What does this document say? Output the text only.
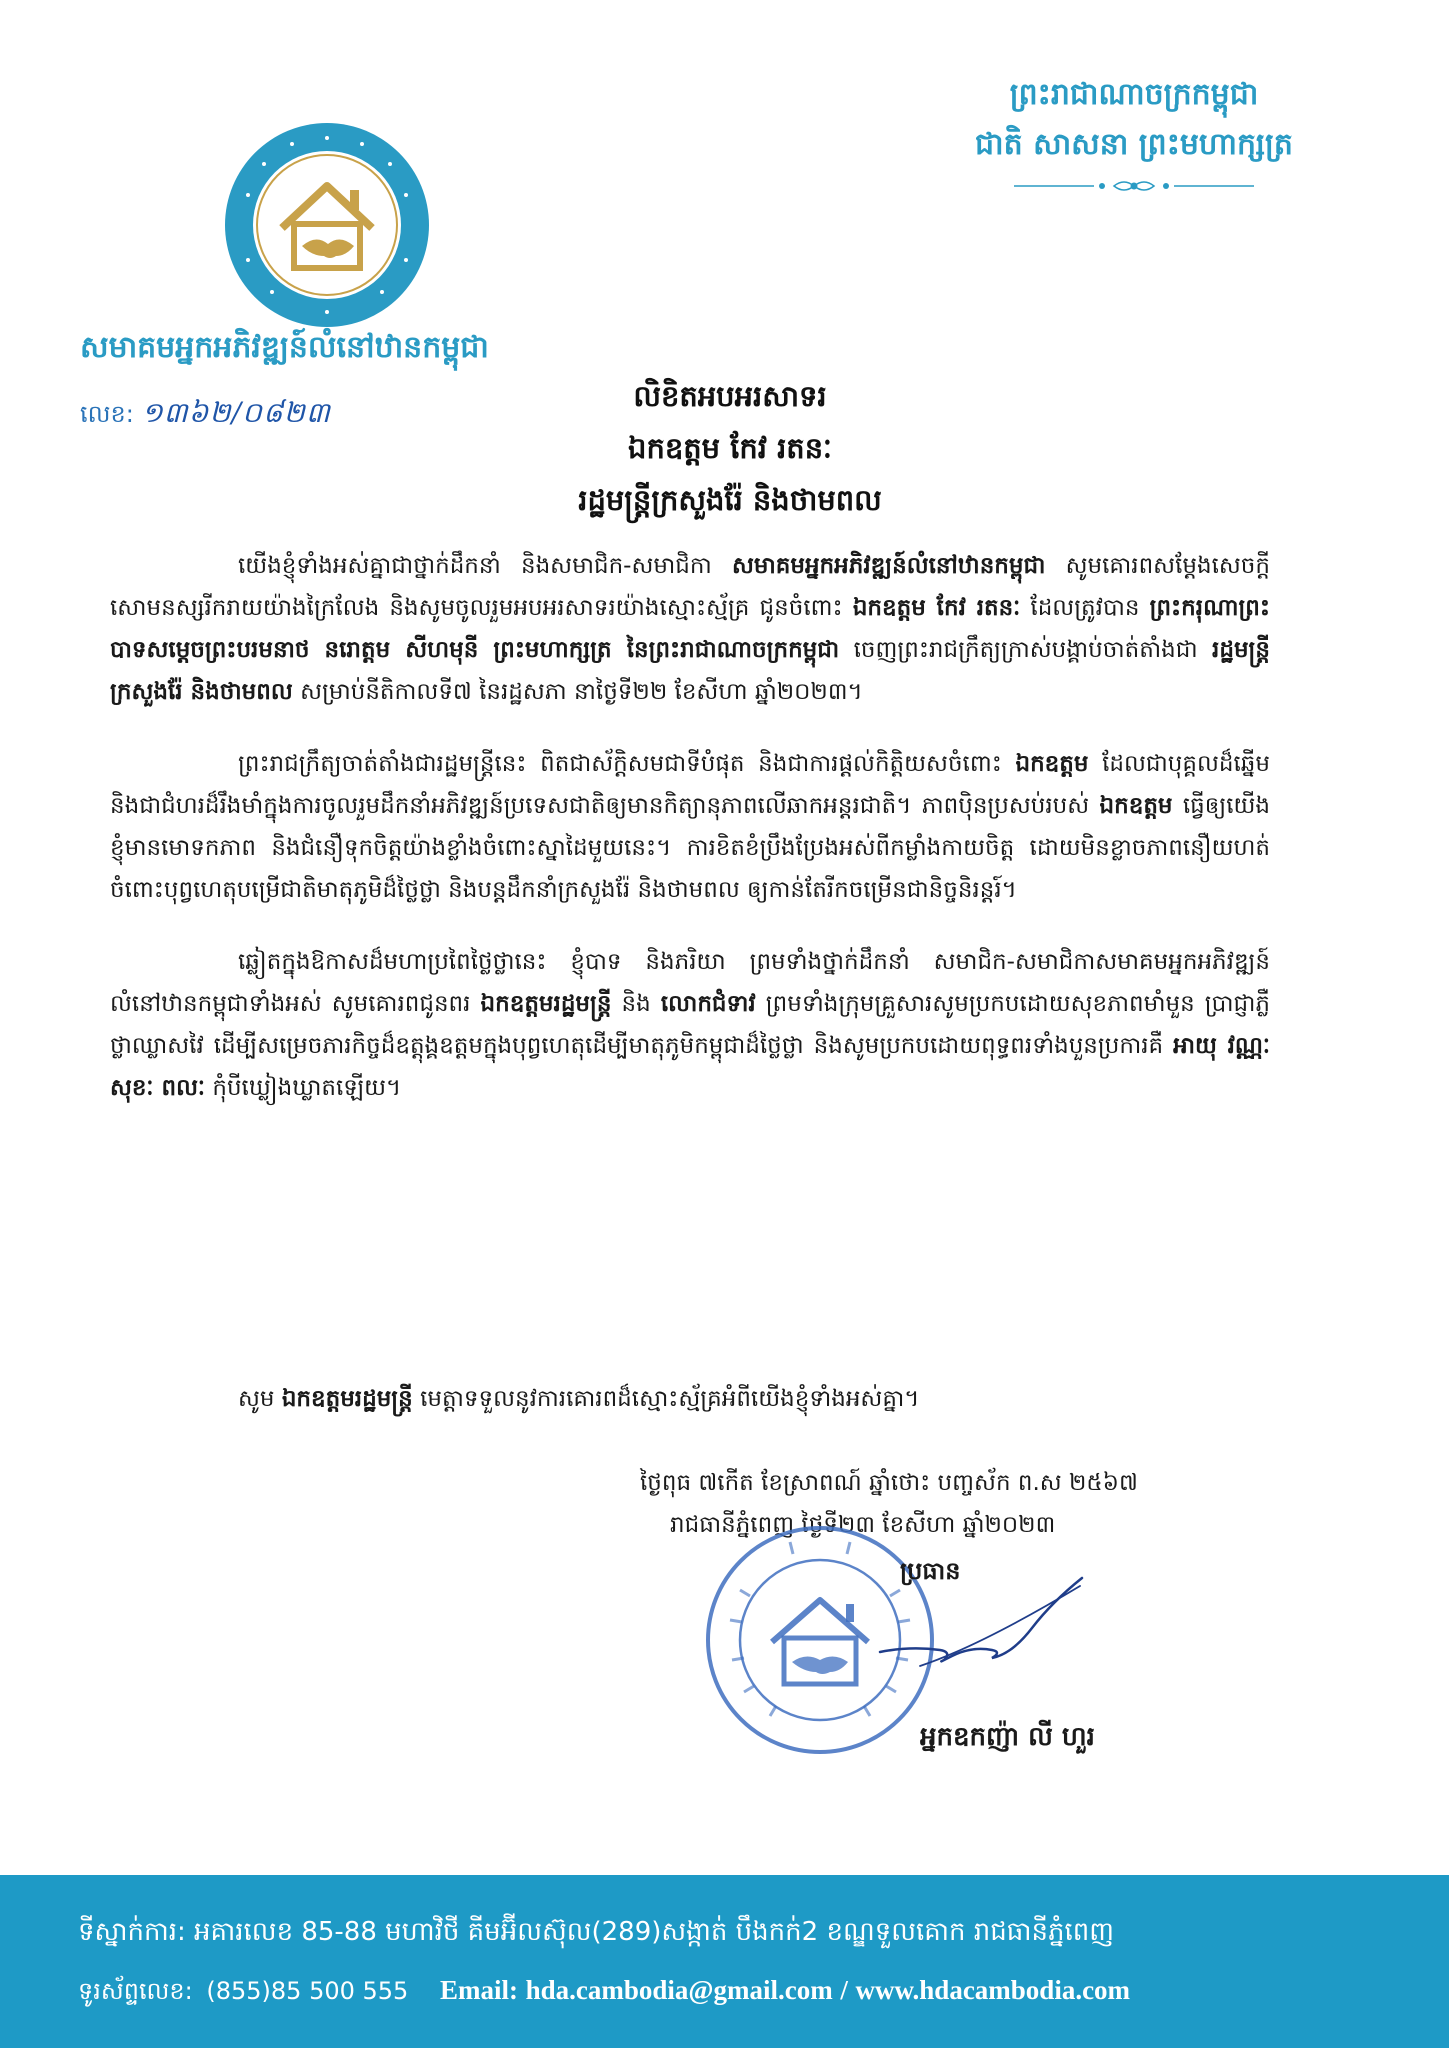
ព្រះរាជាណាចក្រកម្ពុជា
ជាតិ សាសនា ព្រះមហាក្សត្រ
សមាគមអ្នកអភិវឌ្ឍន៍លំនៅឋានកម្ពុជា
លេខ: ១៣៦២/០៨២៣	លិខិតអបអរសាទរ
ឯកឧត្តម កែវ រតនៈ
រដ្ឋមន្ត្រីក្រសួងរ៉ែ និងថាមពល

យើងខ្ញុំទាំងអស់គ្នាជាថ្នាក់ដឹកនាំ និងសមាជិក-សមាជិកា សមាគមអ្នកអភិវឌ្ឍន៍លំនៅឋានកម្ពុជា សូមគោរពសម្តែងសេចក្តីសោមនស្សរីករាយយ៉ាងក្រៃលែង និងសូមចូលរួមអបអរសាទរយ៉ាងស្មោះស្ម័គ្រ ជូនចំពោះ ឯកឧត្តម កែវ រតនៈ ដែលត្រូវបាន ព្រះករុណាព្រះបាទសម្តេចព្រះបរមនាថ នរោត្តម សីហមុនី ព្រះមហាក្សត្រ នៃព្រះរាជាណាចក្រកម្ពុជា ចេញព្រះរាជក្រឹត្យក្រាស់បង្គាប់ចាត់តាំងជា រដ្ឋមន្ត្រីក្រសួងរ៉ែ និងថាមពល សម្រាប់នីតិកាលទី៧ នៃរដ្ឋសភា នាថ្ងៃទី២២ ខែសីហា ឆ្នាំ២០២៣។

ព្រះរាជក្រឹត្យចាត់តាំងជារដ្ឋមន្ត្រីនេះ ពិតជាស័ក្តិសមជាទីបំផុត និងជាការផ្តល់កិត្តិយសចំពោះ ឯកឧត្តម ដែលជាបុគ្គលដ៏ឆ្នើម និងជាជំហរដ៏រឹងមាំក្នុងការចូលរួមដឹកនាំអភិវឌ្ឍន៍ប្រទេសជាតិឲ្យមានកិត្យានុភាពលើឆាកអន្តរជាតិ។ ភាពប៉ិនប្រសប់របស់ ឯកឧត្តម ធ្វើឲ្យយើងខ្ញុំមានមោទកភាព និងជំនឿទុកចិត្តយ៉ាងខ្លាំងចំពោះស្នាដៃមួយនេះ។ ការខិតខំប្រឹងប្រែងអស់ពីកម្លាំងកាយចិត្ត ដោយមិនខ្លាចភាពនឿយហត់ ចំពោះបុព្វហេតុបម្រើជាតិមាតុភូមិដ៏ថ្លៃថ្លា និងបន្តដឹកនាំក្រសួងរ៉ែ និងថាមពល ឲ្យកាន់តែរីកចម្រើនជានិច្ចនិរន្តរ៍។

ឆ្លៀតក្នុងឱកាសដ៏មហាប្រពៃថ្លៃថ្លានេះ ខ្ញុំបាទ និងភរិយា ព្រមទាំងថ្នាក់ដឹកនាំ សមាជិក-សមាជិកាសមាគមអ្នកអភិវឌ្ឍន៍លំនៅឋានកម្ពុជាទាំងអស់ សូមគោរពជូនពរ ឯកឧត្តមរដ្ឋមន្ត្រី និង លោកជំទាវ ព្រមទាំងក្រុមគ្រួសារសូមប្រកបដោយសុខភាពមាំមួន ប្រាជ្ញាភ្លឺថ្លាឈ្លាសវៃ ដើម្បីសម្រេចភារកិច្ចដ៏ឧត្តុង្គឧត្តមក្នុងបុព្វហេតុដើម្បីមាតុភូមិកម្ពុជាដ៏ថ្លៃថ្លា និងសូមប្រកបដោយពុទ្ធពរទាំងបួនប្រការគឺ អាយុ វណ្ណៈ សុខៈ ពលៈ កុំបីឃ្លៀងឃ្លាតឡើយ។

សូម ឯកឧត្តមរដ្ឋមន្ត្រី មេត្តាទទួលនូវការគោរពដ៏ស្មោះស្ម័គ្រអំពីយើងខ្ញុំទាំងអស់គ្នា។
ថ្ងៃពុធ ៧កើត ខែស្រាពណ៍ ឆ្នាំថោះ បញ្ចស័ក ព.ស ២៥៦៧
រាជធានីភ្នំពេញ ថ្ងៃទី២៣ ខែសីហា ឆ្នាំ២០២៣
ប្រធាន
អ្នកឧកញ៉ា លី ហួរ
ទីស្នាក់ការ: អគារលេខ 85-88 មហាវិថី គីមអ៊ីលស៊ុល(289)សង្កាត់ បឹងកក់2 ខណ្ឌទួលគោក រាជធានីភ្នំពេញ
ទូរស័ព្ទលេខ: (855)85 500 555 Email: hda.cambodia@gmail.com / www.hdacambodia.com
